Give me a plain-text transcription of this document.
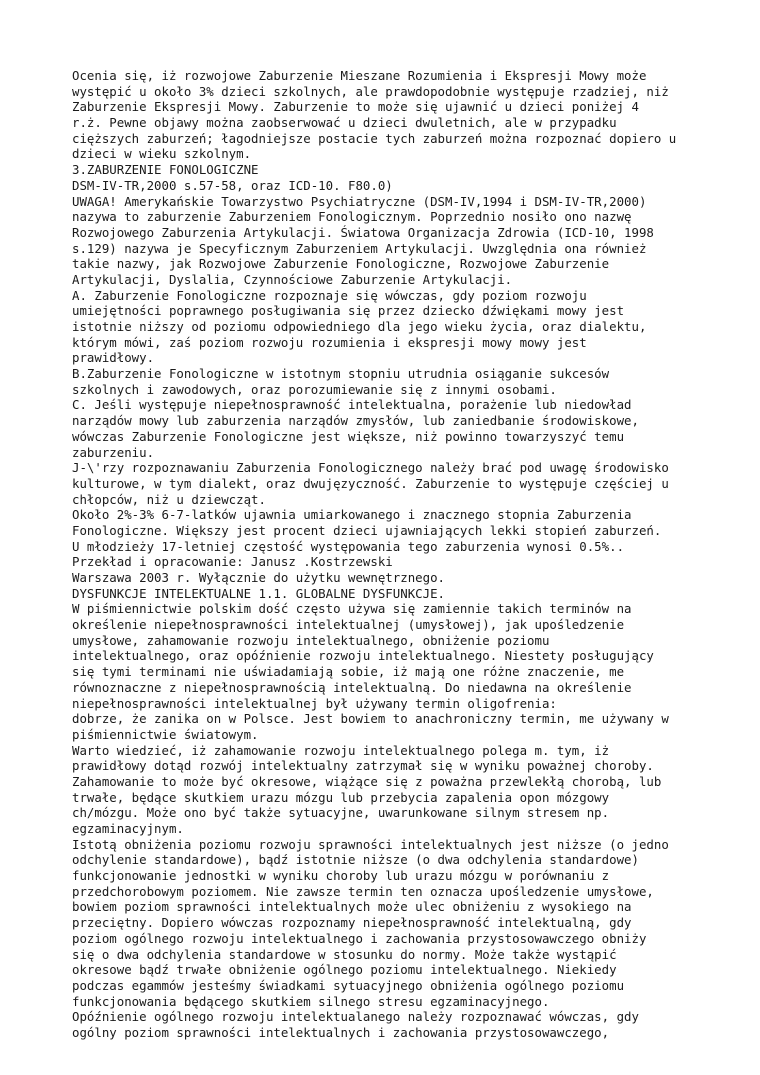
Ocenia się, iż rozwojowe Zaburzenie Mieszane Rozumienia i Ekspresji Mowy może
występić u około 3% dzieci szkolnych, ale prawdopodobnie występuje rzadziej, niż
Zaburzenie Ekspresji Mowy. Zaburzenie to może się ujawnić u dzieci poniżej 4
r.ż. Pewne objawy można zaobserwować u dzieci dwuletnich, ale w przypadku
cięższych zaburzeń; łagodniejsze postacie tych zaburzeń można rozpoznać dopiero u
dzieci w wieku szkolnym.
3.ZABURZENIE FONOLOGICZNE
DSM-IV-TR,2000 s.57-58, oraz ICD-10. F80.0)
UWAGA! Amerykańskie Towarzystwo Psychiatryczne (DSM-IV,1994 i DSM-IV-TR,2000)
nazywa to zaburzenie Zaburzeniem Fonologicznym. Poprzednio nosiło ono nazwę
Rozwojowego Zaburzenia Artykulacji. Światowa Organizacja Zdrowia (ICD-10, 1998
s.129) nazywa je Specyficznym Zaburzeniem Artykulacji. Uwzględnia ona również
takie nazwy, jak Rozwojowe Zaburzenie Fonologiczne, Rozwojowe Zaburzenie
Artykulacji, Dyslalia, Czynnościowe Zaburzenie Artykulacji.
A. Zaburzenie Fonologiczne rozpoznaje się wówczas, gdy poziom rozwoju
umiejętności poprawnego posługiwania się przez dziecko dźwiękami mowy jest
istotnie niższy od poziomu odpowiedniego dla jego wieku życia, oraz dialektu,
którym mówi, zaś poziom rozwoju rozumienia i ekspresji mowy mowy jest
prawidłowy.
B.Zaburzenie Fonologiczne w istotnym stopniu utrudnia osiąganie sukcesów
szkolnych i zawodowych, oraz porozumiewanie się z innymi osobami.
C. Jeśli występuje niepełnosprawność intelektualna, porażenie lub niedowład
narządów mowy lub zaburzenia narządów zmysłów, lub zaniedbanie środowiskowe,
wówczas Zaburzenie Fonologiczne jest większe, niż powinno towarzyszyć temu
zaburzeniu.
J-\'rzy rozpoznawaniu Zaburzenia Fonologicznego należy brać pod uwagę środowisko
kulturowe, w tym dialekt, oraz dwujęzyczność. Zaburzenie to występuje częściej u
chłopców, niż u dziewcząt.
Około 2%-3% 6-7-latków ujawnia umiarkowanego i znacznego stopnia Zaburzenia
Fonologiczne. Większy jest procent dzieci ujawniających lekki stopień zaburzeń.
U młodzieży 17-letniej częstość występowania tego zaburzenia wynosi 0.5%..
Przekład i opracowanie: Janusz .Kostrzewski
Warszawa 2003 r. Wyłącznie do użytku wewnętrznego.
DYSFUNKCJE INTELEKTUALNE 1.1. GLOBALNE DYSFUNKCJE.
W piśmiennictwie polskim dość często używa się zamiennie takich terminów na
określenie niepełnosprawności intelektualnej (umysłowej), jak upośledzenie
umysłowe, zahamowanie rozwoju intelektualnego, obniżenie poziomu
intelektualnego, oraz opóźnienie rozwoju intelektualnego. Niestety posługujący
się tymi terminami nie uświadamiają sobie, iż mają one różne znaczenie, me
równoznaczne z niepełnosprawnością intelektualną. Do niedawna na określenie
niepełnosprawności intelektualnej był używany termin oligofrenia:
dobrze, że zanika on w Polsce. Jest bowiem to anachroniczny termin, me używany w
piśmiennictwie światowym.
Warto wiedzieć, iż zahamowanie rozwoju intelektualnego polega m. tym, iż
prawidłowy dotąd rozwój intelektualny zatrzymał się w wyniku poważnej choroby.
Zahamowanie to może być okresowe, wiążące się z poważna przewlekłą chorobą, lub
trwałe, będące skutkiem urazu mózgu lub przebycia zapalenia opon mózgowy
ch/mózgu. Może ono być także sytuacyjne, uwarunkowane silnym stresem np.
egzaminacyjnym.
Istotą obniżenia poziomu rozwoju sprawności intelektualnych jest niższe (o jedno
odchylenie standardowe), bądź istotnie niższe (o dwa odchylenia standardowe)
funkcjonowanie jednostki w wyniku choroby lub urazu mózgu w porównaniu z
przedchorobowym poziomem. Nie zawsze termin ten oznacza upośledzenie umysłowe,
bowiem poziom sprawności intelektualnych może ulec obniżeniu z wysokiego na
przeciętny. Dopiero wówczas rozpoznamy niepełnosprawność intelektualną, gdy
poziom ogólnego rozwoju intelektualnego i zachowania przystosowawczego obniży
się o dwa odchylenia standardowe w stosunku do normy. Może także wystąpić
okresowe bądź trwałe obniżenie ogólnego poziomu intelektualnego. Niekiedy
podczas egammów jesteśmy świadkami sytuacyjnego obniżenia ogólnego poziomu
funkcjonowania będącego skutkiem silnego stresu egzaminacyjnego.
Opóźnienie ogólnego rozwoju intelektualanego należy rozpoznawać wówczas, gdy
ogólny poziom sprawności intelektualnych i zachowania przystosowawczego,
